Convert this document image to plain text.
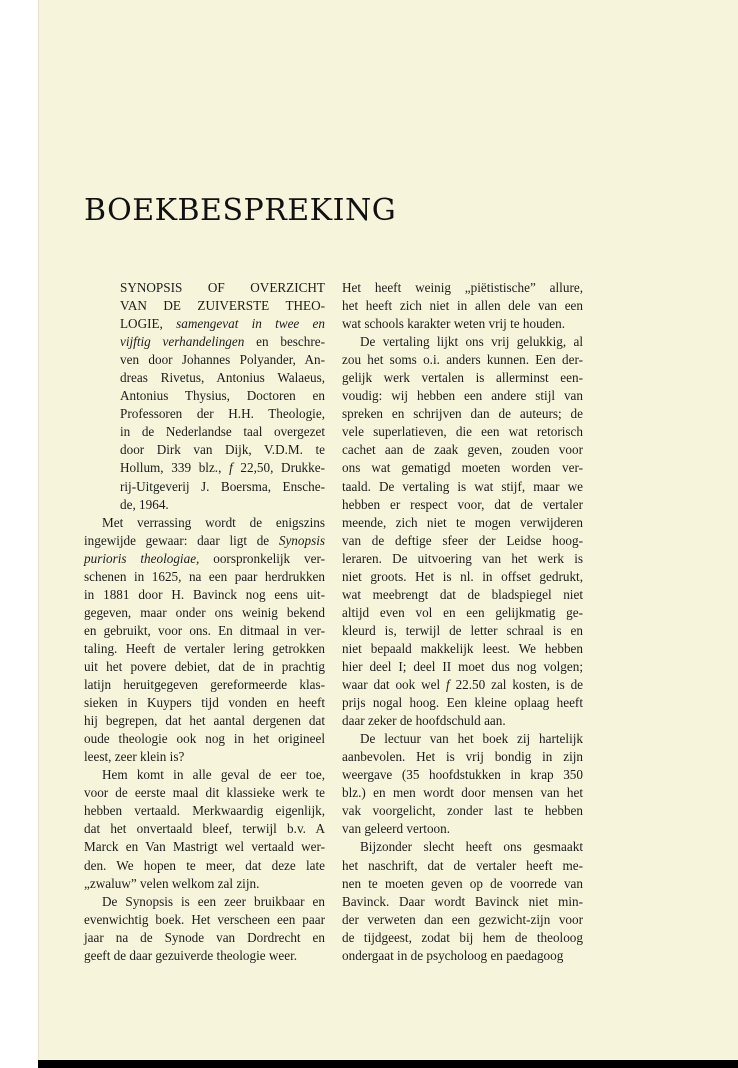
BOEKBESPREKING
SYNOPSIS OF OVERZICHT
VAN DE ZUIVERSTE THEO-
LOGIE, samengevat in twee en
vijftig verhandelingen en beschre-
ven door Johannes Polyander, An-
dreas Rivetus, Antonius Walaeus,
Antonius Thysius, Doctoren en
Professoren der H.H. Theologie,
in de Nederlandse taal overgezet
door Dirk van Dijk, V.D.M. te
Hollum, 339 blz., f 22,50, Drukke-
rij-Uitgeverij J. Boersma, Ensche-
de, 1964.

Met verrassing wordt de enigszins
ingewijde gewaar: daar ligt de Synopsis
purioris theologiae, oorspronkelijk ver-
schenen in 1625, na een paar herdrukken
in 1881 door H. Bavinck nog eens uit-
gegeven, maar onder ons weinig bekend
en gebruikt, voor ons. En ditmaal in ver-
taling. Heeft de vertaler lering getrokken
uit het povere debiet, dat de in prachtig
latijn heruitgegeven gereformeerde klas-
sieken in Kuypers tijd vonden en heeft
hij begrepen, dat het aantal dergenen dat
oude theologie ook nog in het origineel
leest, zeer klein is?

Hem komt in alle geval de eer toe,
voor de eerste maal dit klassieke werk te
hebben vertaald. Merkwaardig eigenlijk,
dat het onvertaald bleef, terwijl b.v. A
Marck en Van Mastrigt wel vertaald wer-
den. We hopen te meer, dat deze late
„zwaluw” velen welkom zal zijn.

De Synopsis is een zeer bruikbaar en
evenwichtig boek. Het verscheen een paar
jaar na de Synode van Dordrecht en
geeft de daar gezuiverde theologie weer.

Het heeft weinig „piëtistische” allure,
het heeft zich niet in allen dele van een
wat schools karakter weten vrij te houden.

De vertaling lijkt ons vrij gelukkig, al
zou het soms o.i. anders kunnen. Een der-
gelijk werk vertalen is allerminst een-
voudig: wij hebben een andere stijl van
spreken en schrijven dan de auteurs; de
vele superlatieven, die een wat retorisch
cachet aan de zaak geven, zouden voor
ons wat gematigd moeten worden ver-
taald. De vertaling is wat stijf, maar we
hebben er respect voor, dat de vertaler
meende, zich niet te mogen verwijderen
van de deftige sfeer der Leidse hoog-
leraren. De uitvoering van het werk is
niet groots. Het is nl. in offset gedrukt,
wat meebrengt dat de bladspiegel niet
altijd even vol en een gelijkmatig ge-
kleurd is, terwijl de letter schraal is en
niet bepaald makkelijk leest. We hebben
hier deel I; deel II moet dus nog volgen;
waar dat ook wel f 22.50 zal kosten, is de
prijs nogal hoog. Een kleine oplaag heeft
daar zeker de hoofdschuld aan.

De lectuur van het boek zij hartelijk
aanbevolen. Het is vrij bondig in zijn
weergave (35 hoofdstukken in krap 350
blz.) en men wordt door mensen van het
vak voorgelicht, zonder last te hebben
van geleerd vertoon.

Bijzonder slecht heeft ons gesmaakt
het naschrift, dat de vertaler heeft me-
nen te moeten geven op de voorrede van
Bavinck. Daar wordt Bavinck niet min-
der verweten dan een gezwicht-zijn voor
de tijdgeest, zodat bij hem de theoloog
ondergaat in de psycholoog en paedagoog
